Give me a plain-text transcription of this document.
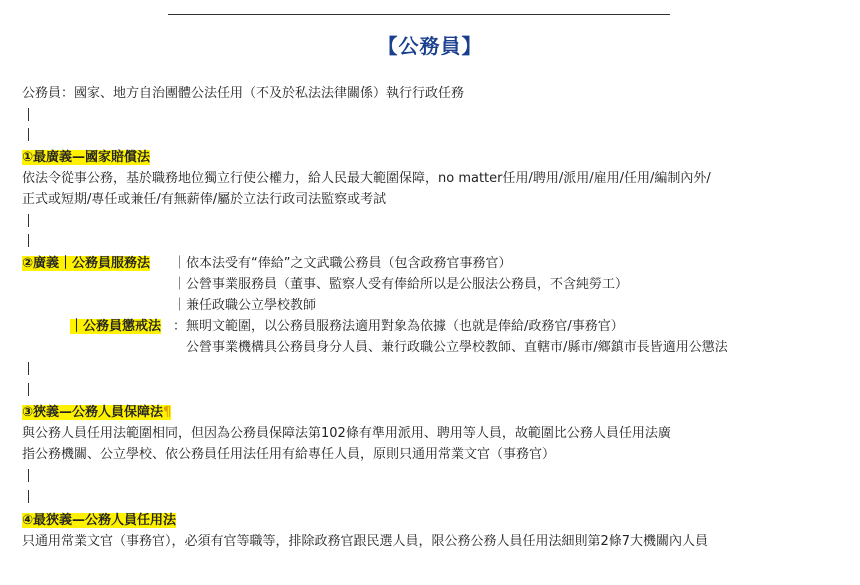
【公務員】
公務員：國家、地方自治團體公法任用（不及於私法法律關係）執行行政任務
①最廣義—國家賠償法
依法令從事公務，基於職務地位獨立行使公權力，給人民最大範圍保障，no matter任用/聘用/派用/雇用/任用/編制內外/
正式或短期/專任或兼任/有無薪俸/屬於立法行政司法監察或考試
②廣義｜公務員服務法 ｜依本法受有“俸給”之文武職公務員（包含政務官事務官）
｜公營事業服務員（董事、監察人受有俸給所以是公服法公務員，不含純勞工）
｜兼任政職公立學校教師
｜公務員懲戒法 ：無明文範圍，以公務員服務法適用對象為依據（也就是俸給/政務官/事務官）
公營事業機構具公務員身分人員、兼行政職公立學校教師、直轄市/縣市/鄉鎮市長皆適用公懲法
③狹義—公務人員保障法¶
與公務人員任用法範圍相同，但因為公務員保障法第102條有準用派用、聘用等人員，故範圍比公務人員任用法廣
指公務機關、公立學校、依公務員任用法任用有給專任人員，原則只通用常業文官（事務官）
④最狹義—公務人員任用法
只通用常業文官（事務官），必須有官等職等，排除政務官跟民選人員，限公務公務人員任用法細則第2條7大機關內人員
